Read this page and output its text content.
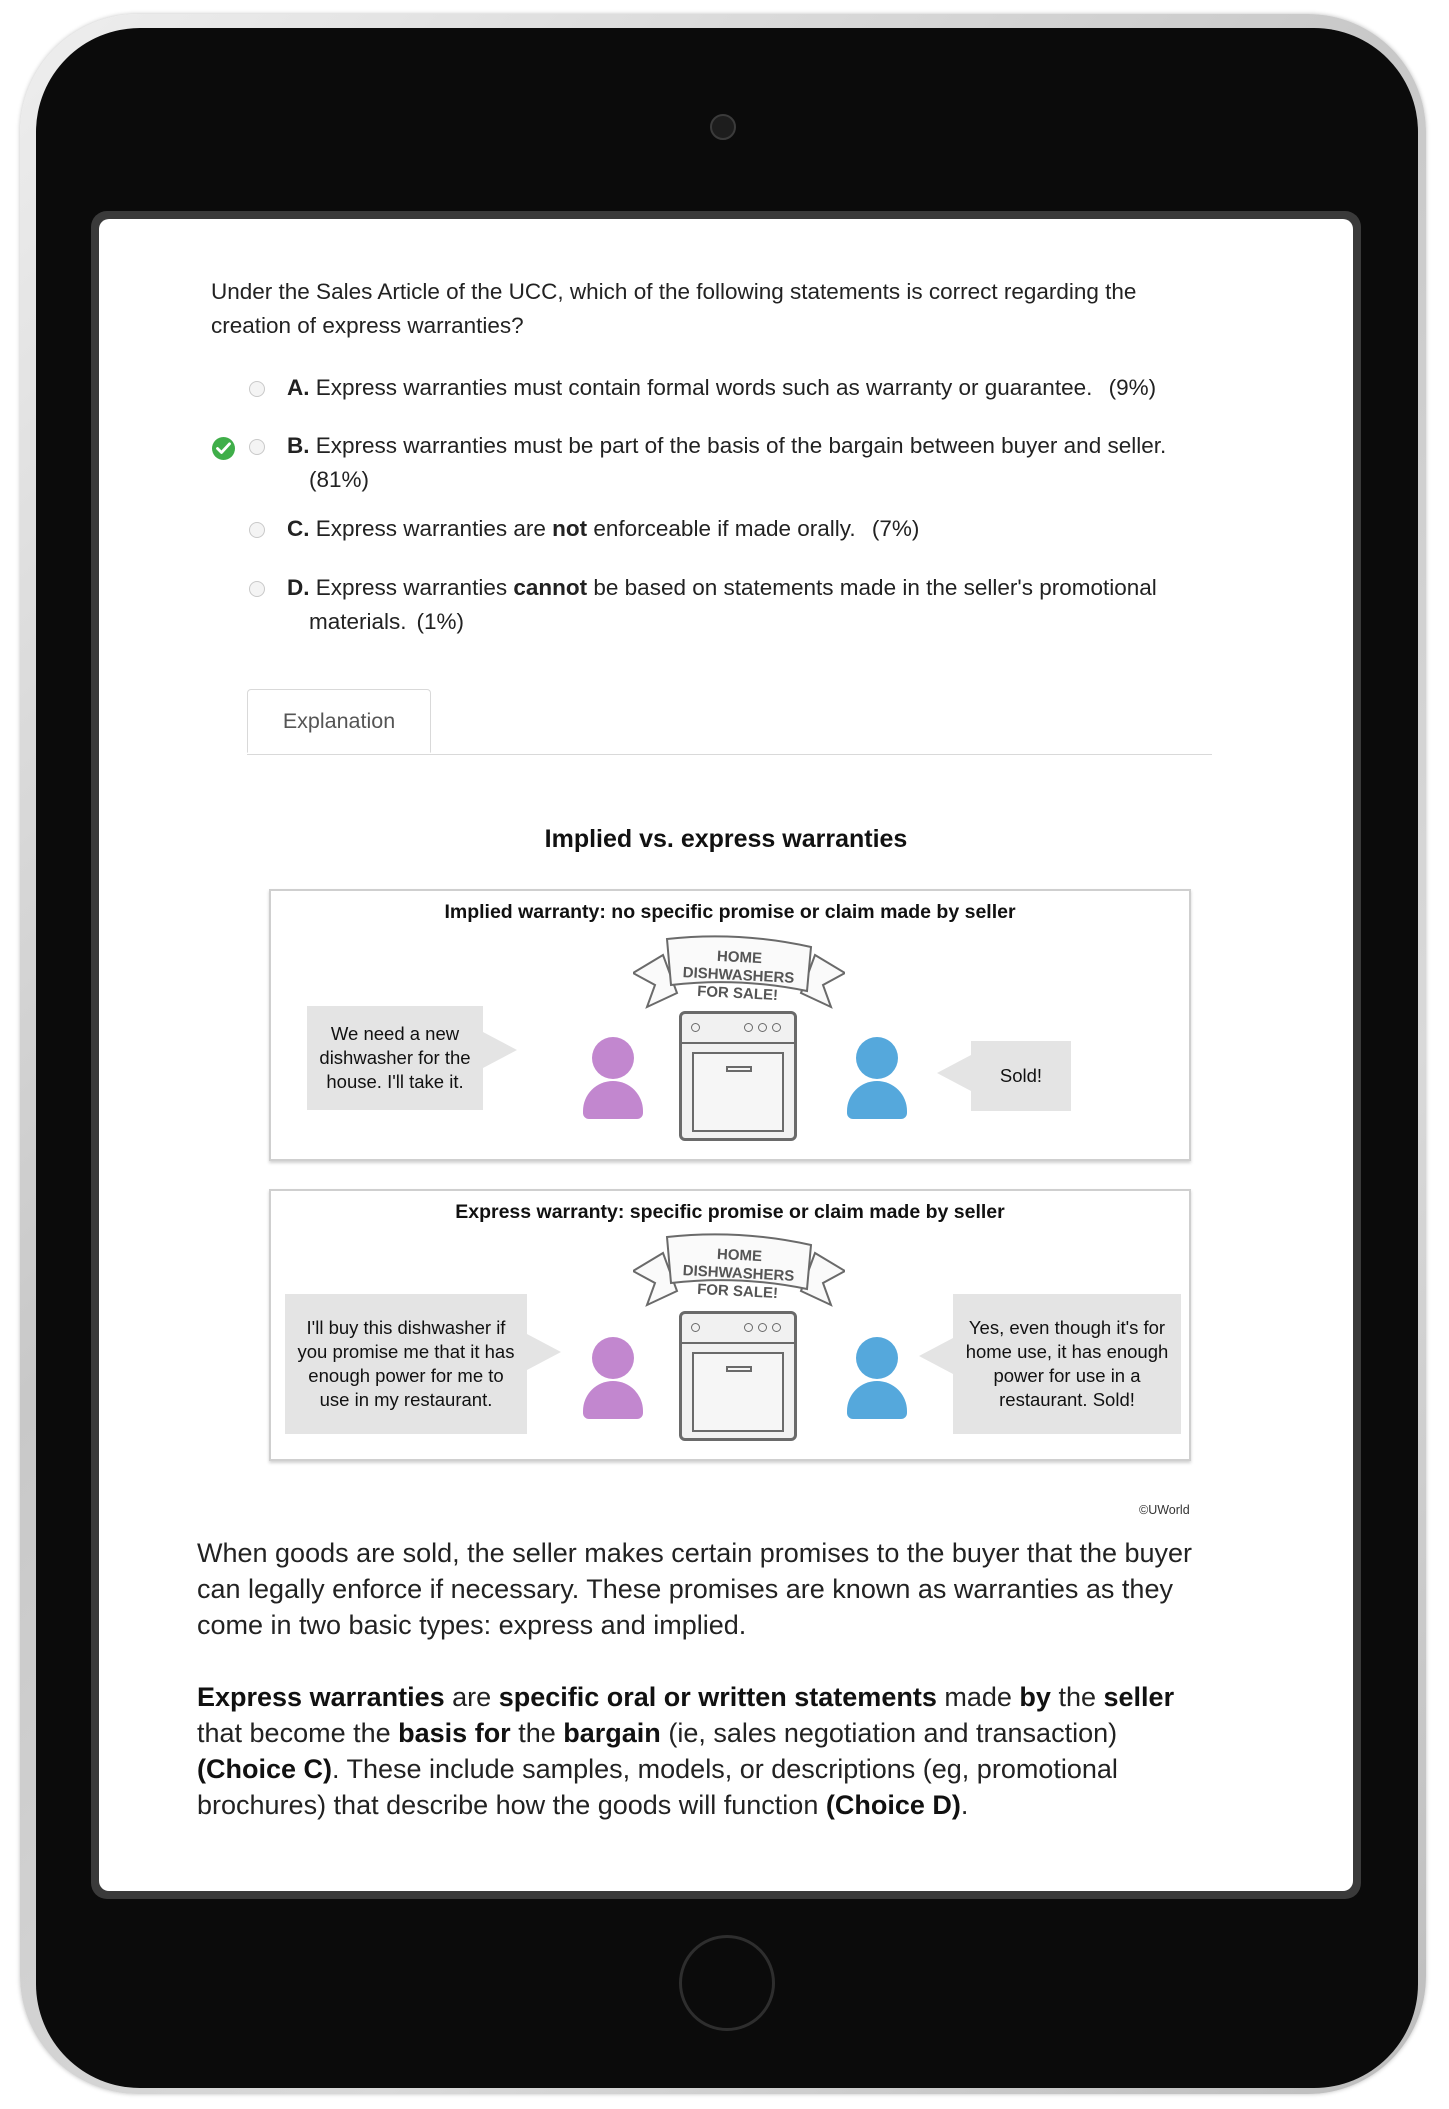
Under the Sales Article of the UCC, which of the following statements is correct regarding the creation of express warranties?
A. Express warranties must contain formal words such as warranty or guarantee. (9%)
B. Express warranties must be part of the basis of the bargain between buyer and seller.
(81%)
C. Express warranties are not enforceable if made orally. (7%)
D. Express warranties cannot be based on statements made in the seller's promotional
materials. (1%)
Explanation
Implied vs. express warranties
Implied warranty: no specific promise or claim made by seller
HOME DISHWASHERS
FOR SALE!
We need a new dishwasher for the house. I'll take it.	Sold!
Express warranty: specific promise or claim made by seller
HOME DISHWASHERS
FOR SALE!
I'll buy this dishwasher if you promise me that it has enough power for me to use in my restaurant.
Yes, even though it's for home use, it has enough power for use in a restaurant. Sold!
©UWorld
When goods are sold, the seller makes certain promises to the buyer that the buyer can legally enforce if necessary. These promises are known as warranties as they come in two basic types: express and implied.
Express warranties are specific oral or written statements made by the seller that become the basis for the bargain (ie, sales negotiation and transaction) (Choice C). These include samples, models, or descriptions (eg, promotional brochures) that describe how the goods will function (Choice D).
